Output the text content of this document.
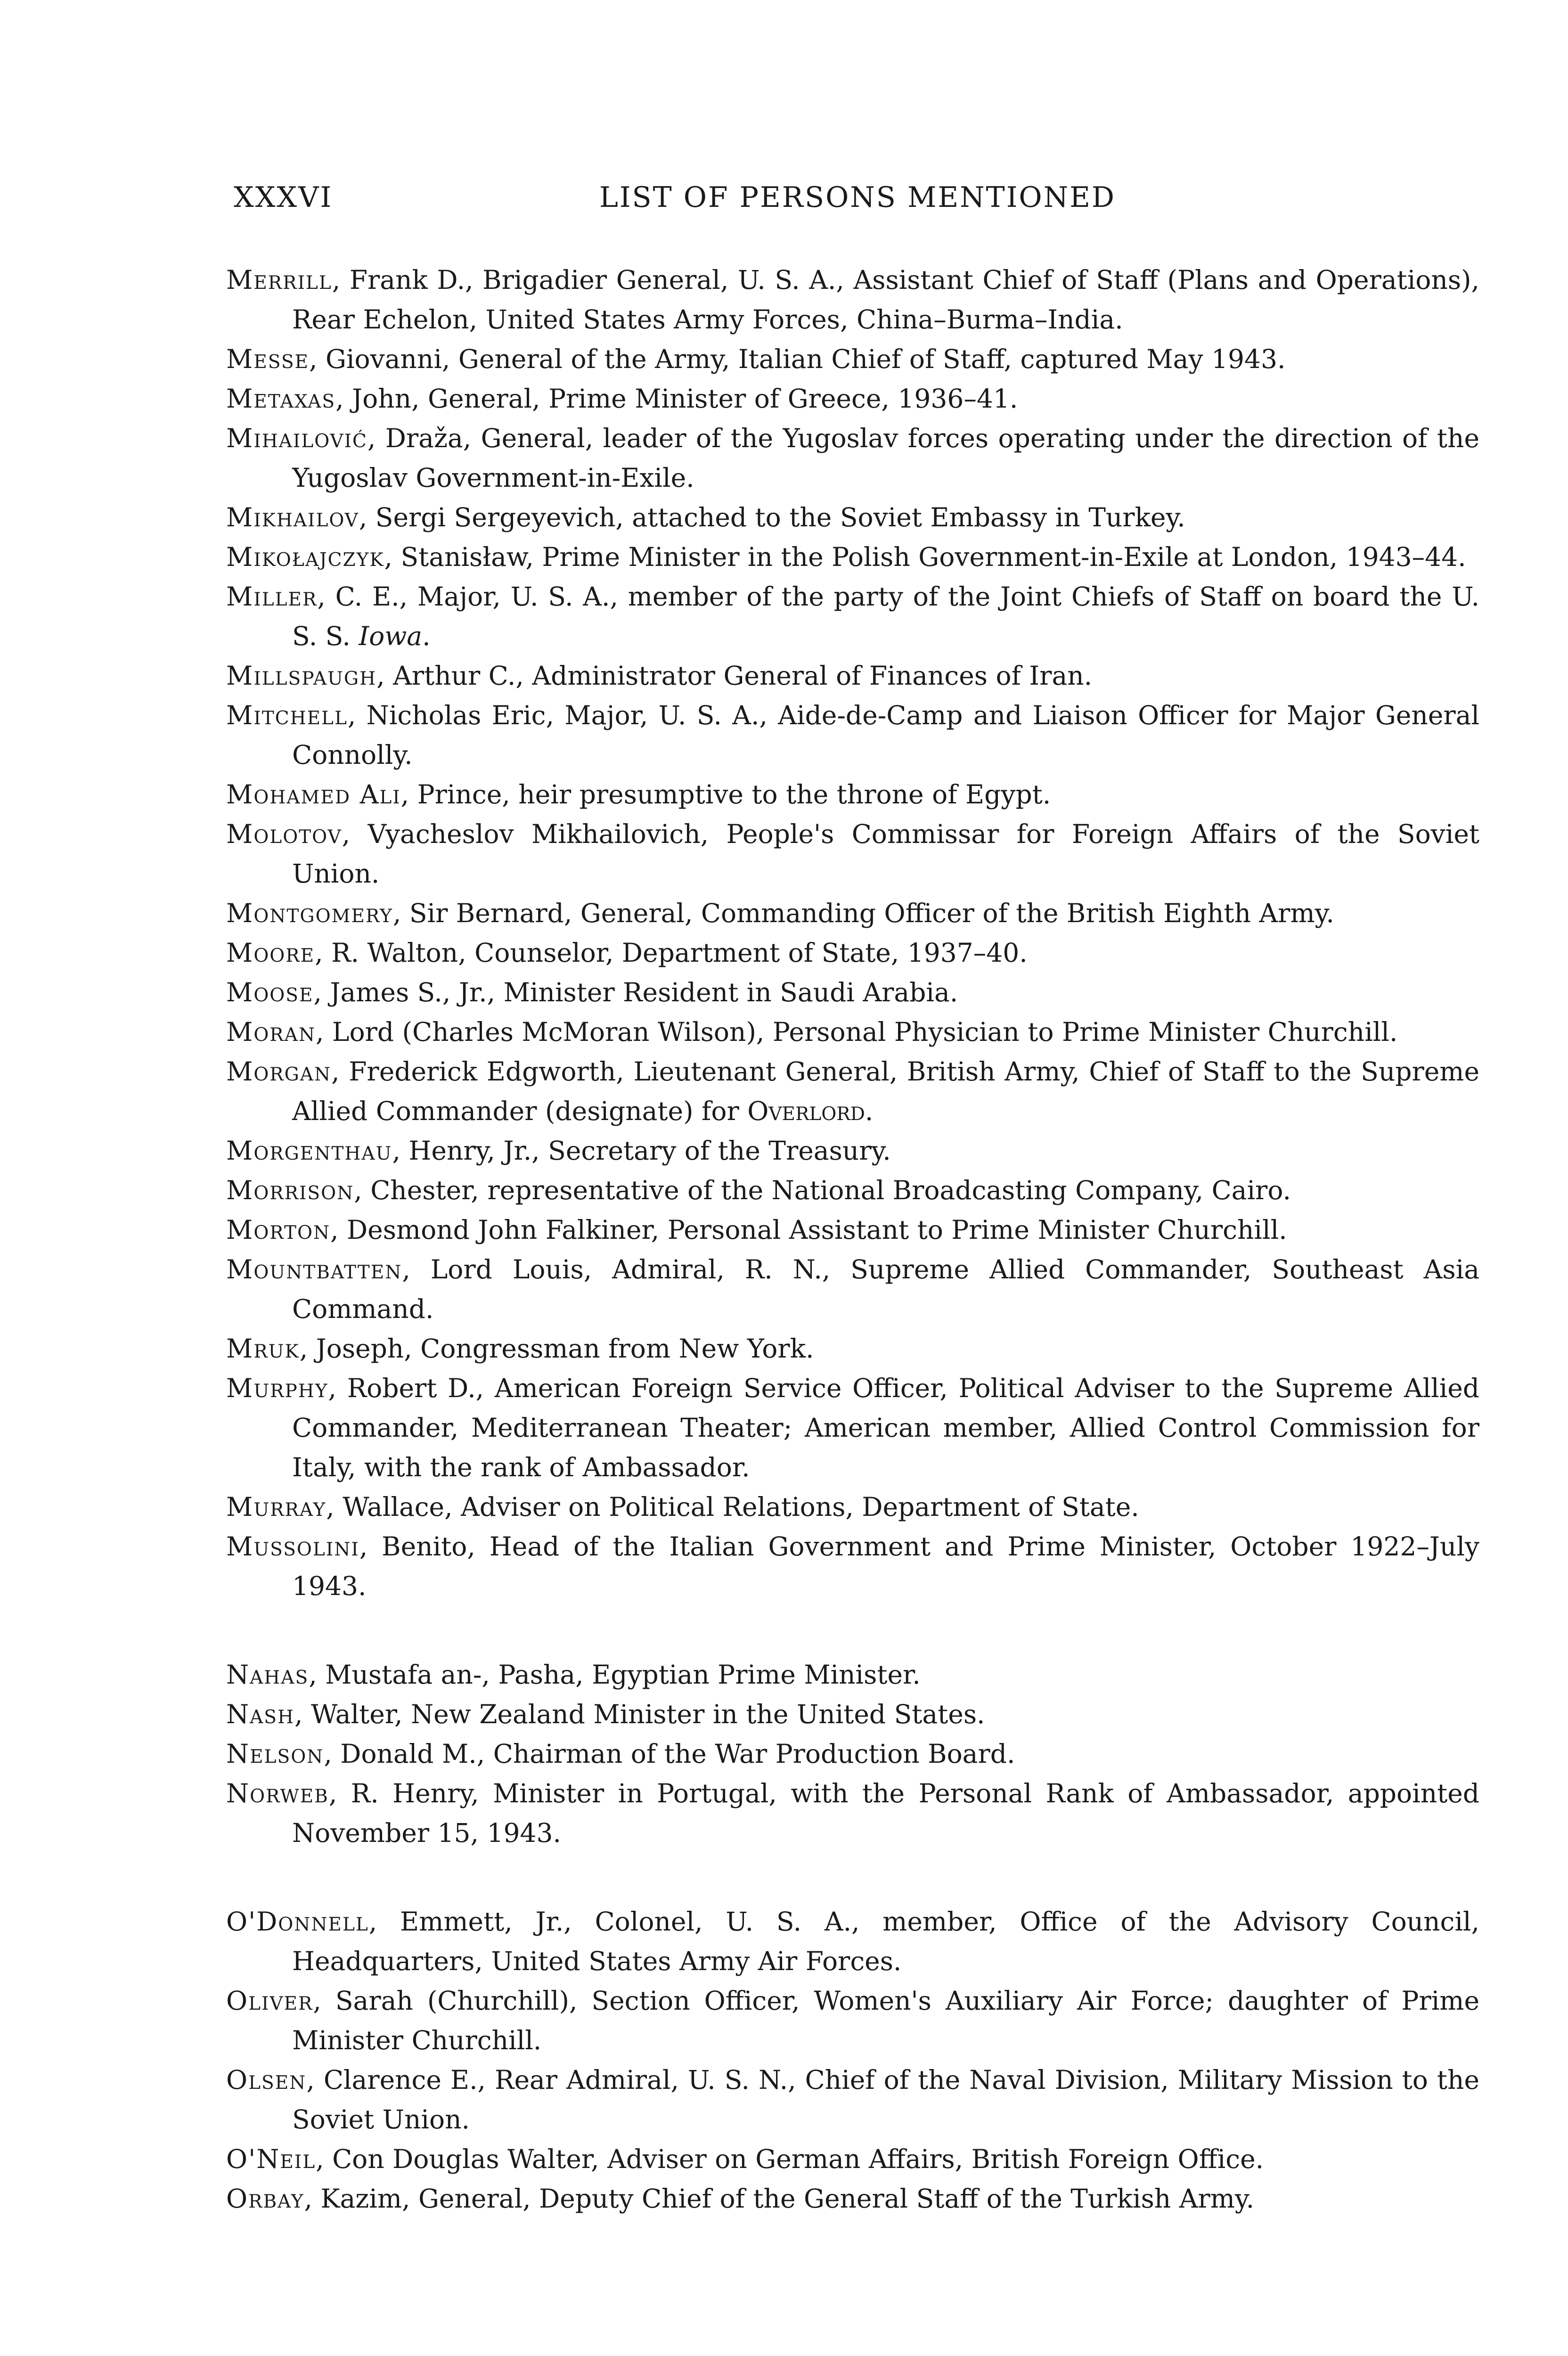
XXXVI	LIST OF PERSONS MENTIONED

Merrill, Frank D., Brigadier General, U. S. A., Assistant Chief of Staff (Plans and Operations), Rear Echelon, United States Army Forces, China–Burma–India.

Messe, Giovanni, General of the Army, Italian Chief of Staff, captured May 1943.

Metaxas, John, General, Prime Minister of Greece, 1936–41.

Mihailović, Draža, General, leader of the Yugoslav forces operating under the direction of the Yugoslav Government-in-Exile.

Mikhailov, Sergi Sergeyevich, attached to the Soviet Embassy in Turkey.

Mikołajczyk, Stanisław, Prime Minister in the Polish Government-in-Exile at London, 1943–44.

Miller, C. E., Major, U. S. A., member of the party of the Joint Chiefs of Staff on board the U. S. S. Iowa.

Millspaugh, Arthur C., Administrator General of Finances of Iran.

Mitchell, Nicholas Eric, Major, U. S. A., Aide-de-Camp and Liaison Officer for Major General Connolly.

Mohamed Ali, Prince, heir presumptive to the throne of Egypt.

Molotov, Vyacheslov Mikhailovich, People's Commissar for Foreign Affairs of the Soviet Union.

Montgomery, Sir Bernard, General, Commanding Officer of the British Eighth Army.

Moore, R. Walton, Counselor, Department of State, 1937–40.

Moose, James S., Jr., Minister Resident in Saudi Arabia.

Moran, Lord (Charles McMoran Wilson), Personal Physician to Prime Minister Churchill.

Morgan, Frederick Edgworth, Lieutenant General, British Army, Chief of Staff to the Supreme Allied Commander (designate) for Overlord.

Morgenthau, Henry, Jr., Secretary of the Treasury.

Morrison, Chester, representative of the National Broadcasting Company, Cairo.

Morton, Desmond John Falkiner, Personal Assistant to Prime Minister Churchill.

Mountbatten, Lord Louis, Admiral, R. N., Supreme Allied Commander, Southeast Asia Command.

Mruk, Joseph, Congressman from New York.

Murphy, Robert D., American Foreign Service Officer, Political Adviser to the Supreme Allied Commander, Mediterranean Theater; American member, Allied Control Commission for Italy, with the rank of Ambassador.

Murray, Wallace, Adviser on Political Relations, Department of State.

Mussolini, Benito, Head of the Italian Government and Prime Minister, October 1922–July 1943.

Nahas, Mustafa an-, Pasha, Egyptian Prime Minister.

Nash, Walter, New Zealand Minister in the United States.

Nelson, Donald M., Chairman of the War Production Board.

Norweb, R. Henry, Minister in Portugal, with the Personal Rank of Ambassador, appointed November 15, 1943.

O'Donnell, Emmett, Jr., Colonel, U. S. A., member, Office of the Advisory Council, Headquarters, United States Army Air Forces.

Oliver, Sarah (Churchill), Section Officer, Women's Auxiliary Air Force; daughter of Prime Minister Churchill.

Olsen, Clarence E., Rear Admiral, U. S. N., Chief of the Naval Division, Military Mission to the Soviet Union.

O'Neil, Con Douglas Walter, Adviser on German Affairs, British Foreign Office.

Orbay, Kazim, General, Deputy Chief of the General Staff of the Turkish Army.
